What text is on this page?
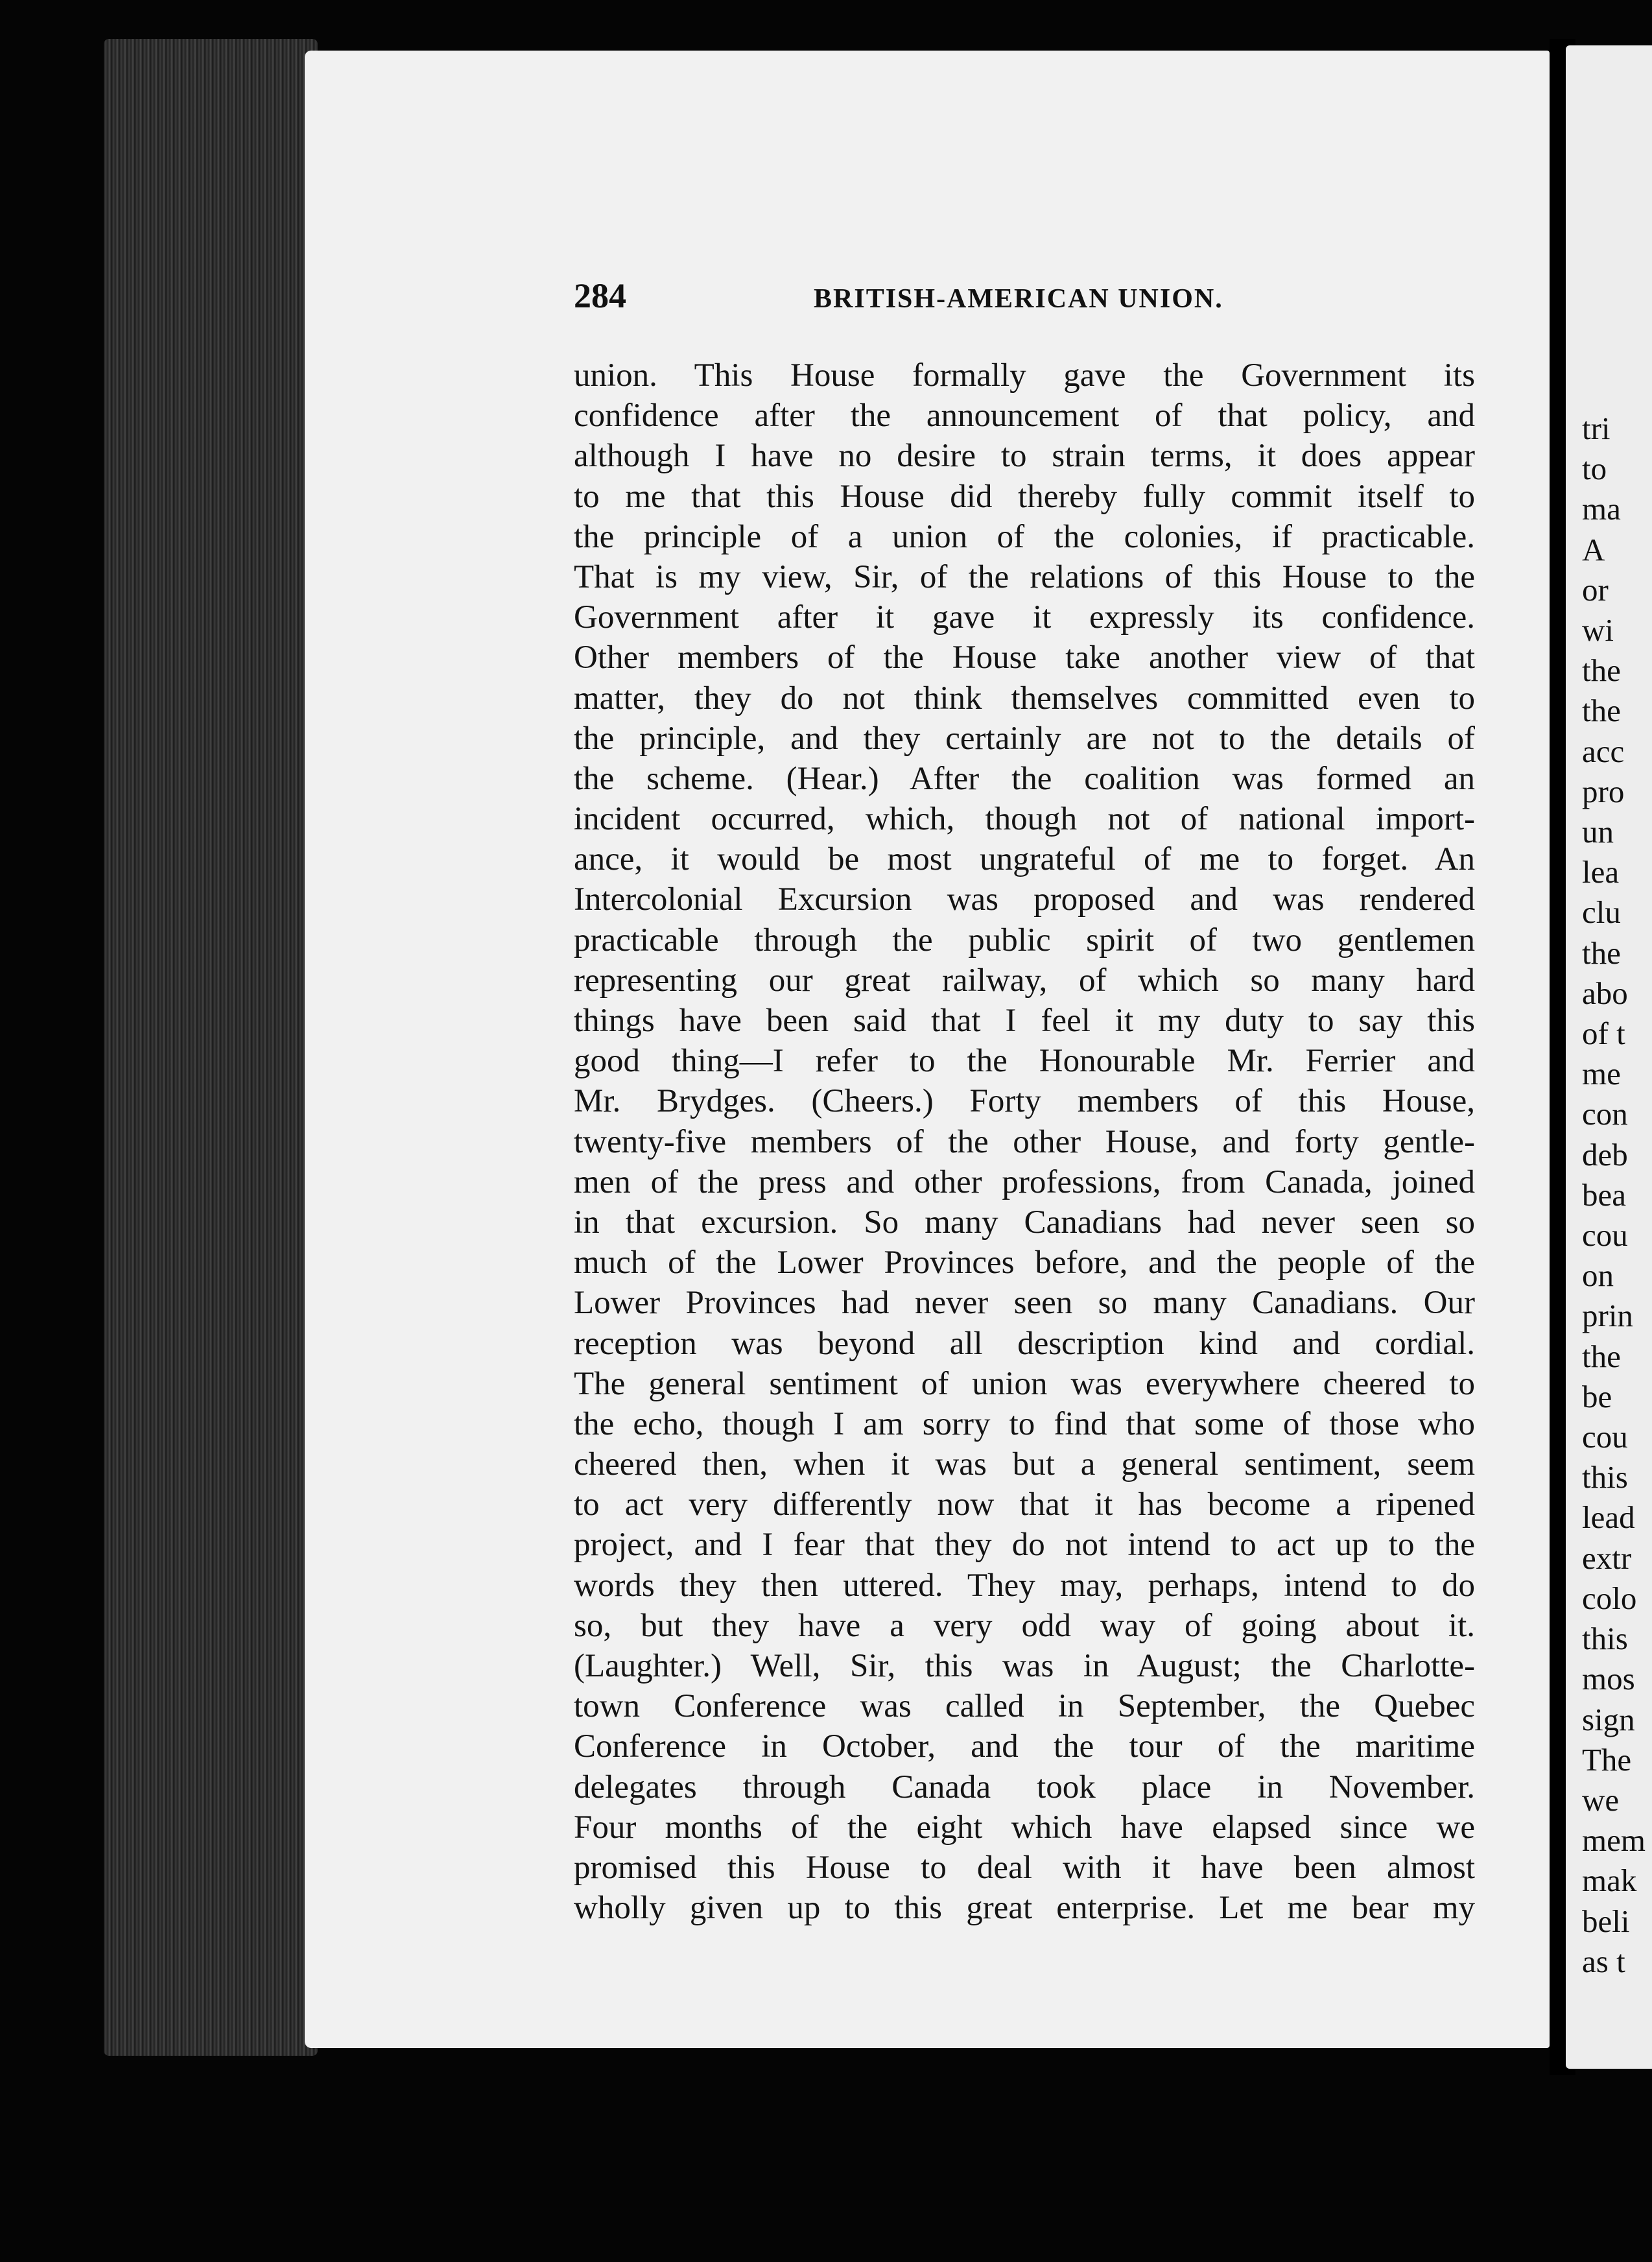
tri
to
ma
A
or
wi
the
the
acc
pro
un
lea
clu
the
abo
of t
me
con
deb
bea
cou
on
prin
the
be
cou
this
lead
extr
colo
this
mos
sign
The
we
mem
mak
beli
as t
284	BRITISH-AMERICAN UNION.
union. This House formally gave the Government its
confidence after the announcement of that policy, and
although I have no desire to strain terms, it does appear
to me that this House did thereby fully commit itself to
the principle of a union of the colonies, if practicable.
That is my view, Sir, of the relations of this House to the
Government after it gave it expressly its confidence.
Other members of the House take another view of that
matter, they do not think themselves committed even to
the principle, and they certainly are not to the details of
the scheme. (Hear.) After the coalition was formed an
incident occurred, which, though not of national import-
ance, it would be most ungrateful of me to forget. An
Intercolonial Excursion was proposed and was rendered
practicable through the public spirit of two gentlemen
representing our great railway, of which so many hard
things have been said that I feel it my duty to say this
good thing—I refer to the Honourable Mr. Ferrier and
Mr. Brydges. (Cheers.) Forty members of this House,
twenty-five members of the other House, and forty gentle-
men of the press and other professions, from Canada, joined
in that excursion. So many Canadians had never seen so
much of the Lower Provinces before, and the people of the
Lower Provinces had never seen so many Canadians. Our
reception was beyond all description kind and cordial.
The general sentiment of union was everywhere cheered to
the echo, though I am sorry to find that some of those who
cheered then, when it was but a general sentiment, seem
to act very differently now that it has become a ripened
project, and I fear that they do not intend to act up to the
words they then uttered. They may, perhaps, intend to do
so, but they have a very odd way of going about it.
(Laughter.) Well, Sir, this was in August; the Charlotte-
town Conference was called in September, the Quebec
Conference in October, and the tour of the maritime
delegates through Canada took place in November.
Four months of the eight which have elapsed since we
promised this House to deal with it have been almost
wholly given up to this great enterprise. Let me bear my
